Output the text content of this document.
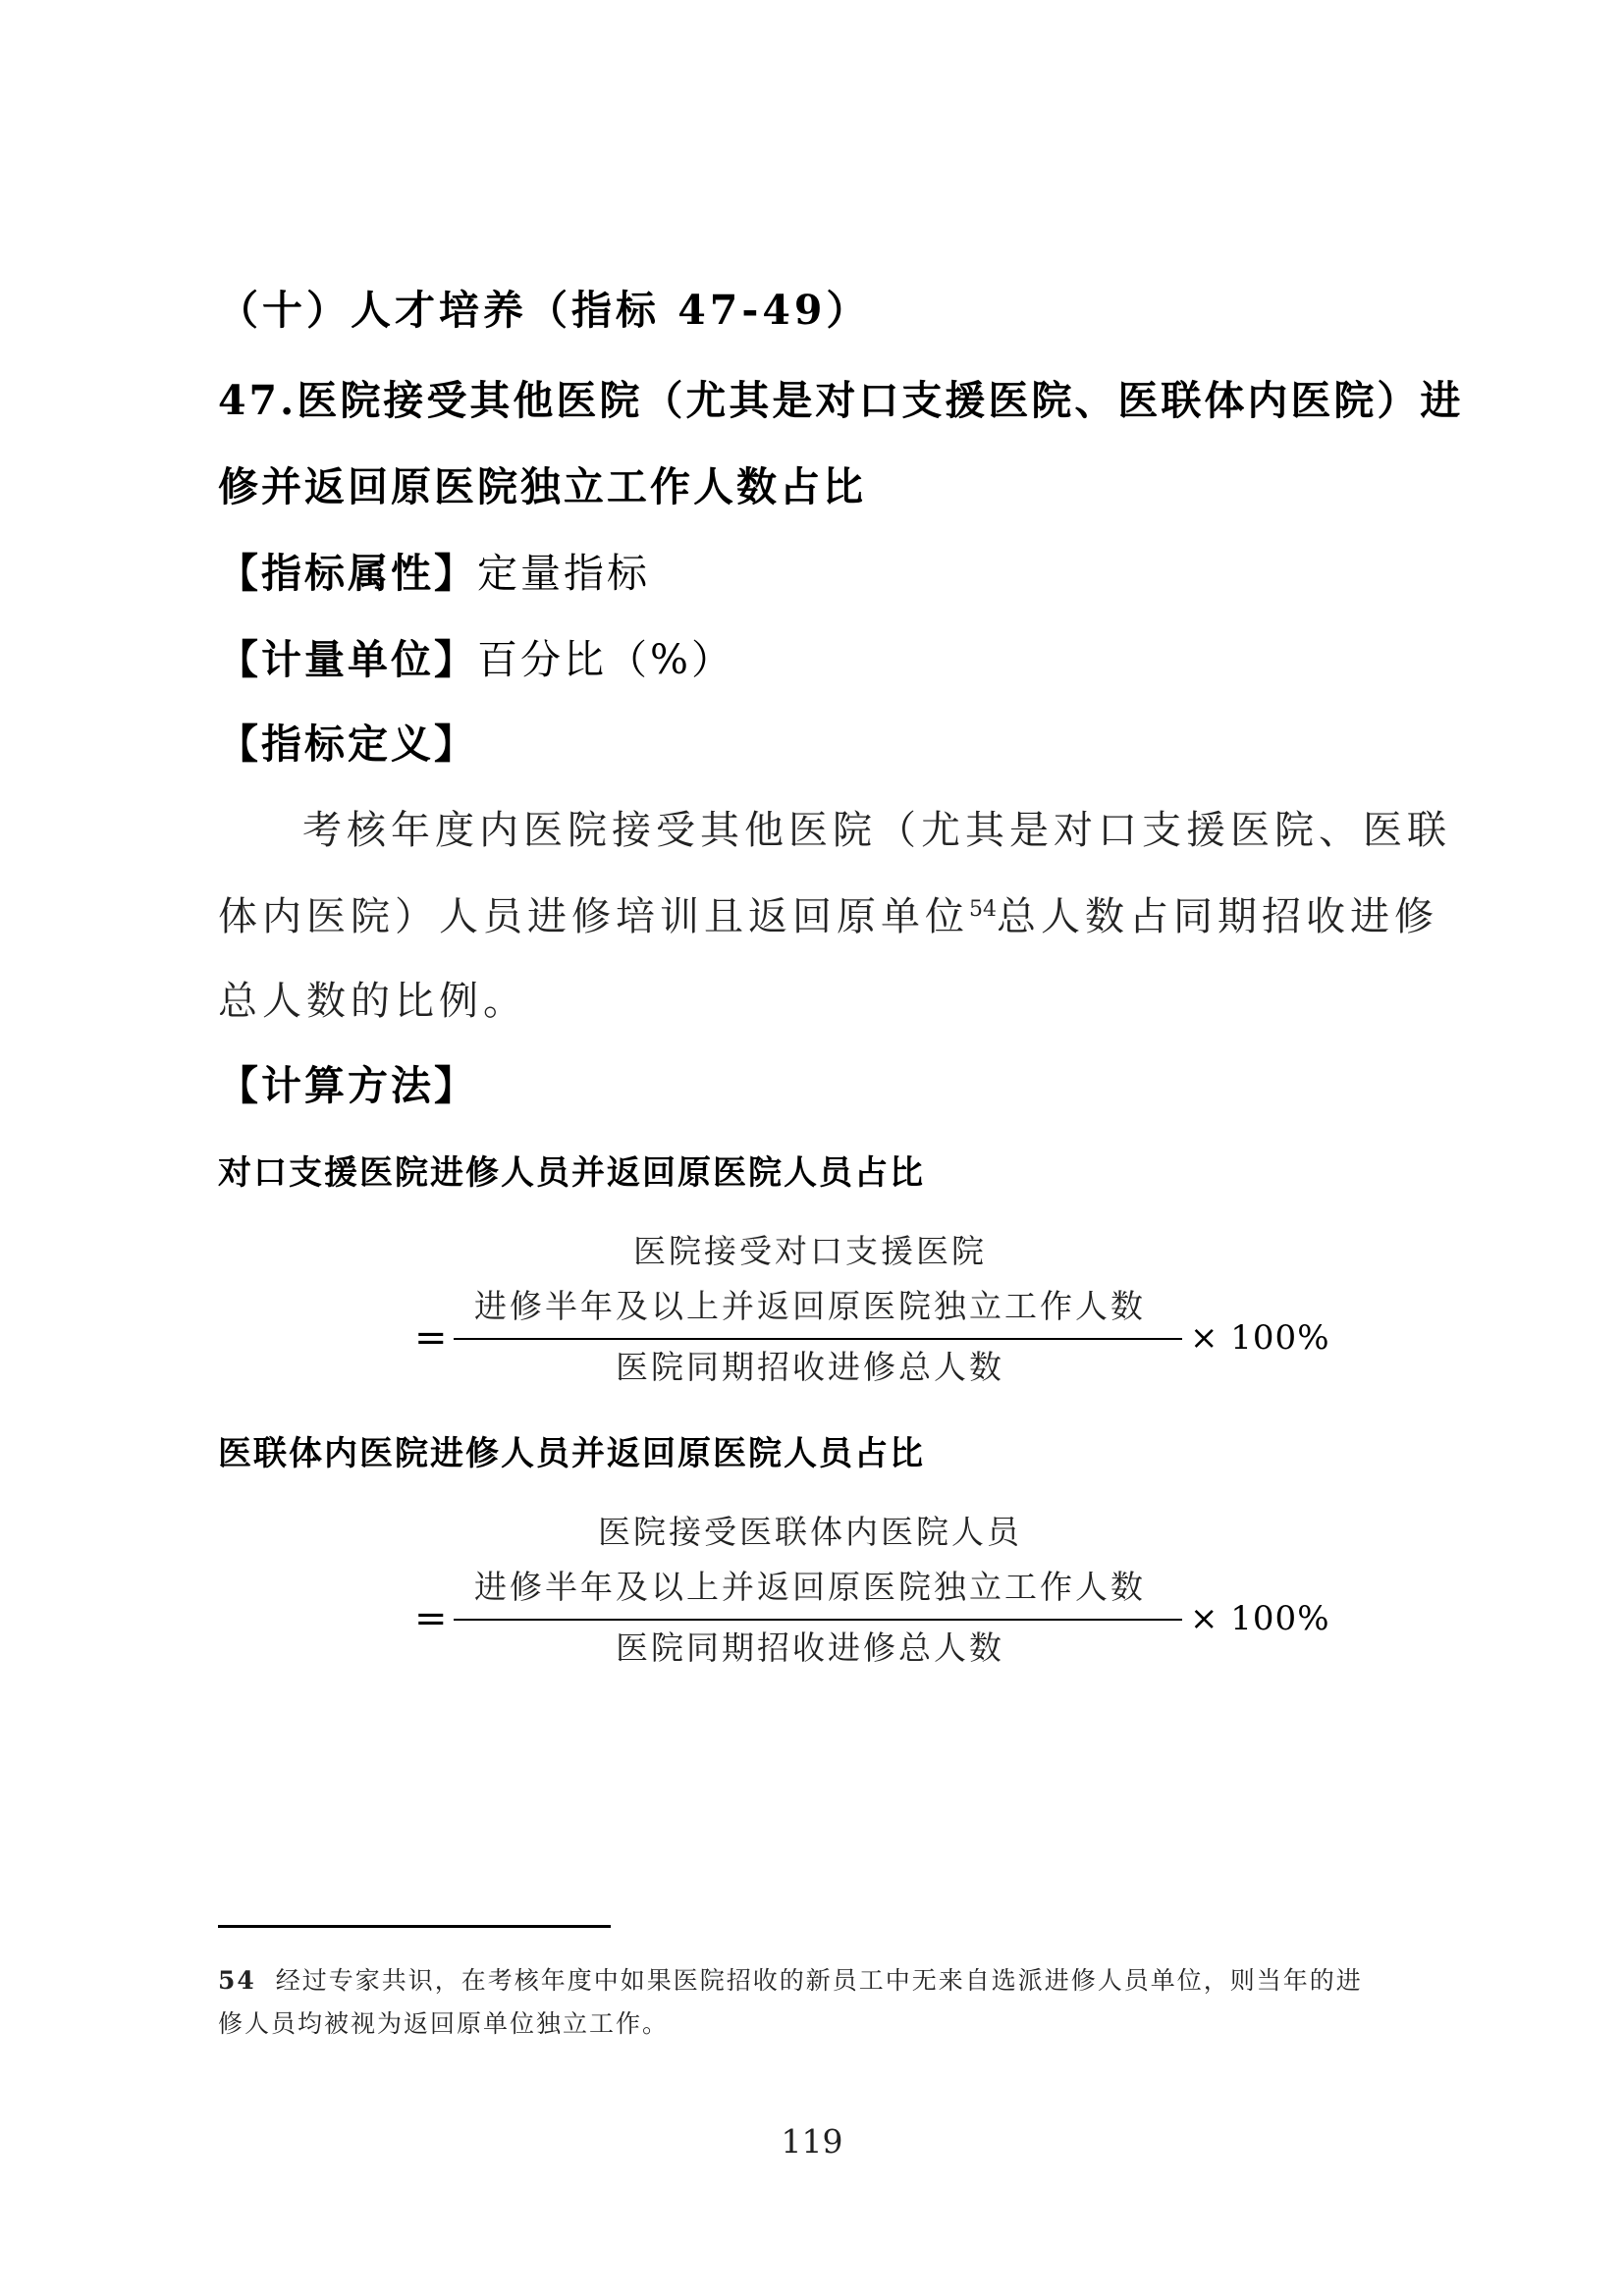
（十）人才培养（指标 47-49）
47.医院接受其他医院（尤其是对口支援医院、医联体内医院）进
修并返回原医院独立工作人数占比
【指标属性】定量指标
【计量单位】百分比（%）
【指标定义】
考核年度内医院接受其他医院（尤其是对口支援医院、医联
体内医院）人员进修培训且返回原单位$^{54}$总人数占同期招收进修
总人数的比例。
【计算方法】
对口支援医院进修人员并返回原医院人员占比
医院接受对口支援医院
进修半年及以上并返回原医院独立工作人数
=	× 100%
医院同期招收进修总人数
医联体内医院进修人员并返回原医院人员占比
医院接受医联体内医院人员
进修半年及以上并返回原医院独立工作人数
=	× 100%
医院同期招收进修总人数
54 经过专家共识，在考核年度中如果医院招收的新员工中无来自选派进修人员单位，则当年的进
修人员均被视为返回原单位独立工作。
119
